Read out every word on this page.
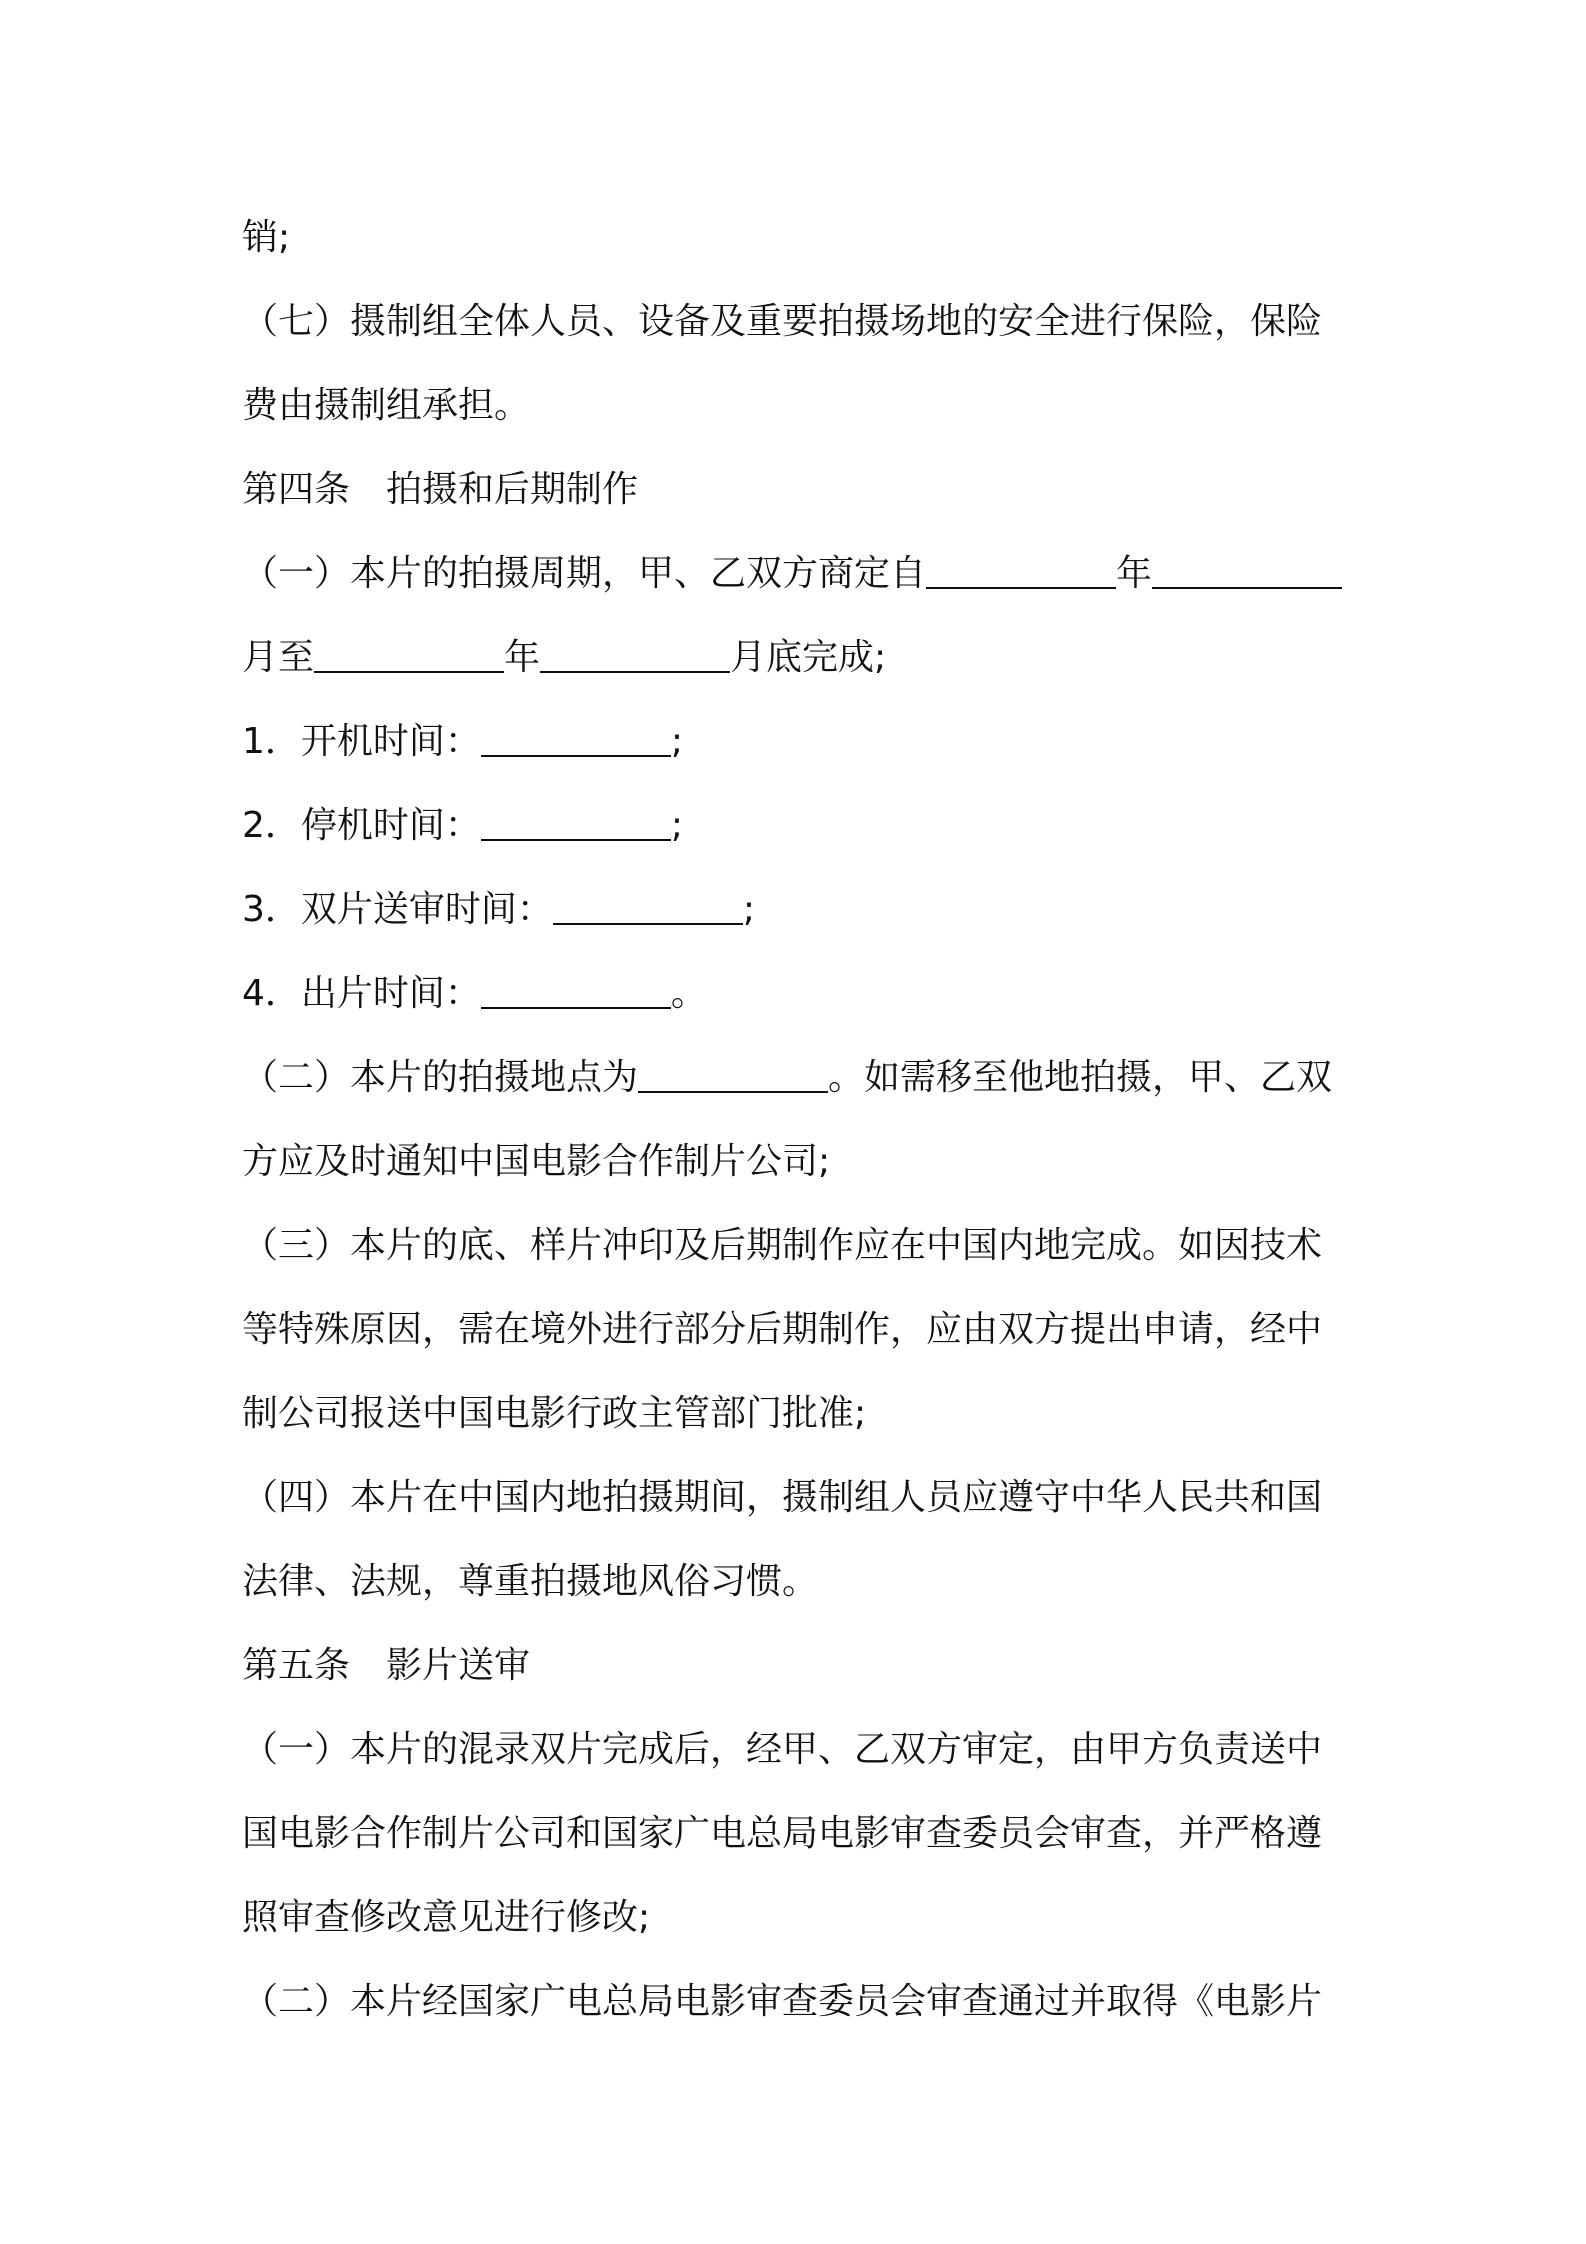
销;
（七）摄制组全体人员、设备及重要拍摄场地的安全进行保险，保险
费由摄制组承担。
第四条　拍摄和后期制作
（一）本片的拍摄周期，甲、乙双方商定自	年
月至	年	月底完成;
1．开机时间：	;
2．停机时间：	;
3．双片送审时间：	;
4．出片时间：	。
（二）本片的拍摄地点为	。如需移至他地拍摄，甲、乙双
方应及时通知中国电影合作制片公司;
（三）本片的底、样片冲印及后期制作应在中国内地完成。如因技术
等特殊原因，需在境外进行部分后期制作，应由双方提出申请，经中
制公司报送中国电影行政主管部门批准;
（四）本片在中国内地拍摄期间，摄制组人员应遵守中华人民共和国
法律、法规，尊重拍摄地风俗习惯。
第五条　影片送审
（一）本片的混录双片完成后，经甲、乙双方审定，由甲方负责送中
国电影合作制片公司和国家广电总局电影审查委员会审查，并严格遵
照审查修改意见进行修改;
（二）本片经国家广电总局电影审查委员会审查通过并取得《电影片
